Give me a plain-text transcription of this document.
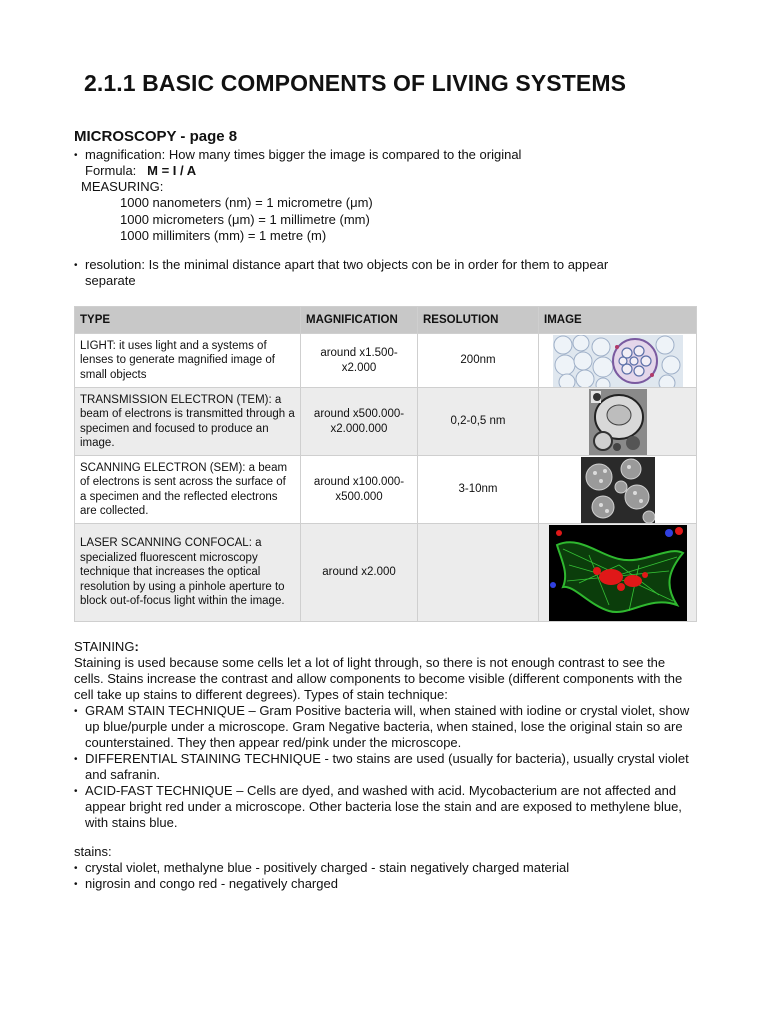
2.1.1 BASIC COMPONENTS OF LIVING SYSTEMS
MICROSCOPY - page 8
• magnification: How many times bigger the image is compared to the original
Formula: M = I / A
MEASURING:
1000 nanometers (nm) = 1 micrometre (μm)
1000 micrometers (μm) = 1 millimetre (mm)
1000 millimiters (mm) = 1 metre (m)
• resolution: Is the minimal distance apart that two objects con be in order for them to appear
separate
TYPE	MAGNIFICATION	RESOLUTION	IMAGE
LIGHT: it uses light and a systems of lenses to generate magnified image of small objects	around x1.500-x2.000	200nm	

TRANSMISSION ELECTRON (TEM): a beam of electrons is transmitted through a specimen and focused to produce an image.	around x500.000-x2.000.000	0,2-0,5 nm	

SCANNING ELECTRON (SEM): a beam of electrons is sent across the surface of a specimen and the reflected electrons are collected.	around x100.000-x500.000	3-10nm	

LASER SCANNING CONFOCAL: a specialized fluorescent microscopy technique that increases the optical resolution by using a pinhole aperture to block out-of-focus light within the image.	around x2.000		
STAINING:
Staining is used because some cells let a lot of light through, so there is not enough contrast to see the cells. Stains increase the contrast and allow components to become visible (different components with the cell take up stains to different degrees). Types of stain technique:
• GRAM STAIN TECHNIQUE – Gram Positive bacteria will, when stained with iodine or crystal violet, show up blue/purple under a microscope. Gram Negative bacteria, when stained, lose the original stain so are counterstained. They then appear red/pink under the microscope.
• DIFFERENTIAL STAINING TECHNIQUE - two stains are used (usually for bacteria), usually crystal violet and safranin.
• ACID-FAST TECHNIQUE – Cells are dyed, and washed with acid. Mycobacterium are not affected and appear bright red under a microscope. Other bacteria lose the stain and are exposed to methylene blue, with stains blue.
stains:
• crystal violet, methalyne blue - positively charged - stain negatively charged material
• nigrosin and congo red - negatively charged
